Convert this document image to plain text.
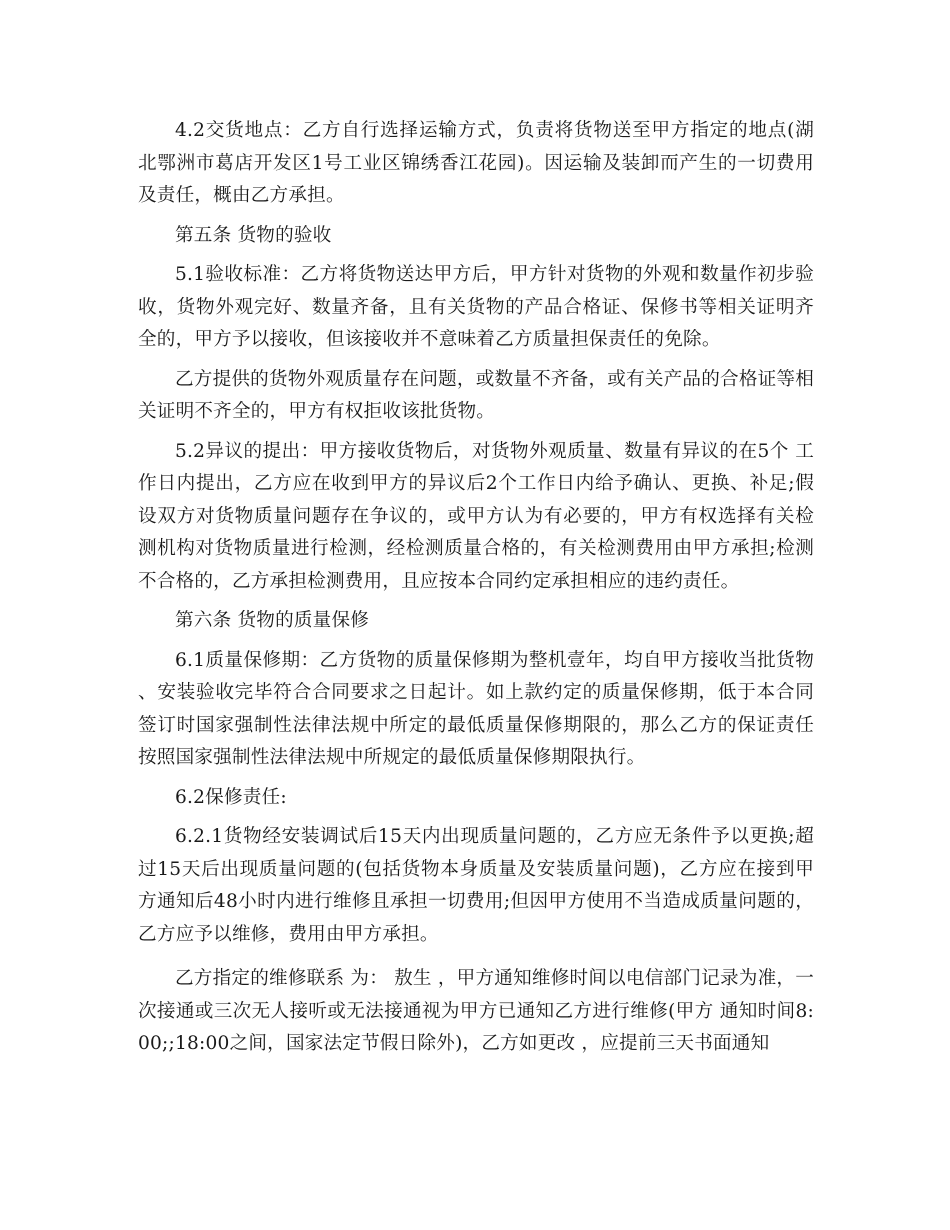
4.2交货地点：乙方自行选择运输方式，负责将货物送至甲方指定的地点(湖北鄂洲市葛店开发区1号工业区锦绣香江花园)。因运输及装卸而产生的一切费用及责任，概由乙方承担。

第五条 货物的验收

5.1验收标准：乙方将货物送达甲方后，甲方针对货物的外观和数量作初步验收，货物外观完好、数量齐备，且有关货物的产品合格证、保修书等相关证明齐全的，甲方予以接收，但该接收并不意味着乙方质量担保责任的免除。

乙方提供的货物外观质量存在问题，或数量不齐备，或有关产品的合格证等相关证明不齐全的，甲方有权拒收该批货物。

5.2异议的提出：甲方接收货物后，对货物外观质量、数量有异议的在5个 工作日内提出，乙方应在收到甲方的异议后2个工作日内给予确认、更换、补足;假设双方对货物质量问题存在争议的，或甲方认为有必要的，甲方有权选择有关检测机构对货物质量进行检测，经检测质量合格的，有关检测费用由甲方承担;检测不合格的，乙方承担检测费用，且应按本合同约定承担相应的违约责任。

第六条 货物的质量保修

6.1质量保修期：乙方货物的质量保修期为整机壹年，均自甲方接收当批货物、安装验收完毕符合合同要求之日起计。如上款约定的质量保修期，低于本合同签订时国家强制性法律法规中所定的最低质量保修期限的，那么乙方的保证责任按照国家强制性法律法规中所规定的最低质量保修期限执行。

6.2保修责任:

6.2.1货物经安装调试后15天内出现质量问题的，乙方应无条件予以更换;超过15天后出现质量问题的(包括货物本身质量及安装质量问题)，乙方应在接到甲方通知后48小时内进行维修且承担一切费用;但因甲方使用不当造成质量问题的，乙方应予以维修，费用由甲方承担。

乙方指定的维修联系 为： 敖生 ，甲方通知维修时间以电信部门记录为准，一次接通或三次无人接听或无法接通视为甲方已通知乙方进行维修(甲方 通知时间8:00;;18:00之间，国家法定节假日除外)，乙方如更改 ，应提前三天书面通知
